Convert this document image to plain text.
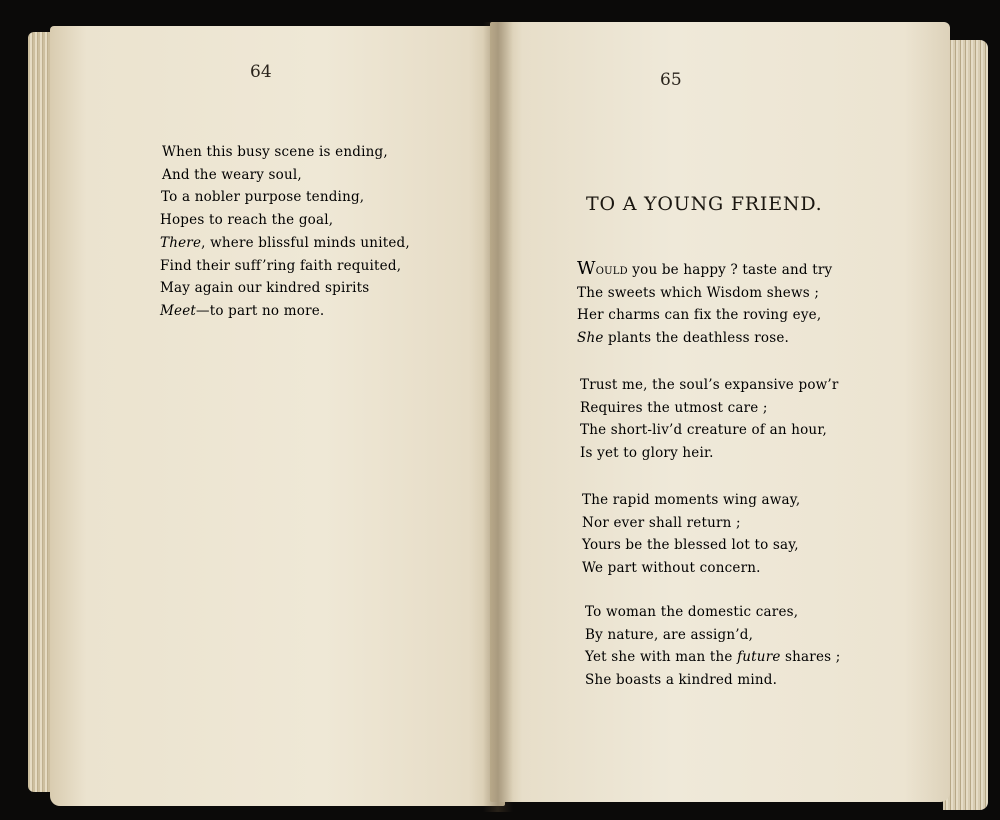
64	65
When this busy scene is ending,
And the weary soul,
To a nobler purpose tending,
Hopes to reach the goal,
There, where blissful minds united,
Find their suff’ring faith requited,
May again our kindred spirits
Meet—to part no more.
TO A YOUNG FRIEND.
Would you be happy ? taste and try
The sweets which Wisdom shews ;
Her charms can fix the roving eye,
She plants the deathless rose.
Trust me, the soul’s expansive pow’r
Requires the utmost care ;
The short-liv’d creature of an hour,
Is yet to glory heir.
The rapid moments wing away,
Nor ever shall return ;
Yours be the blessed lot to say,
We part without concern.
To woman the domestic cares,
By nature, are assign’d,
Yet she with man the future shares ;
She boasts a kindred mind.
